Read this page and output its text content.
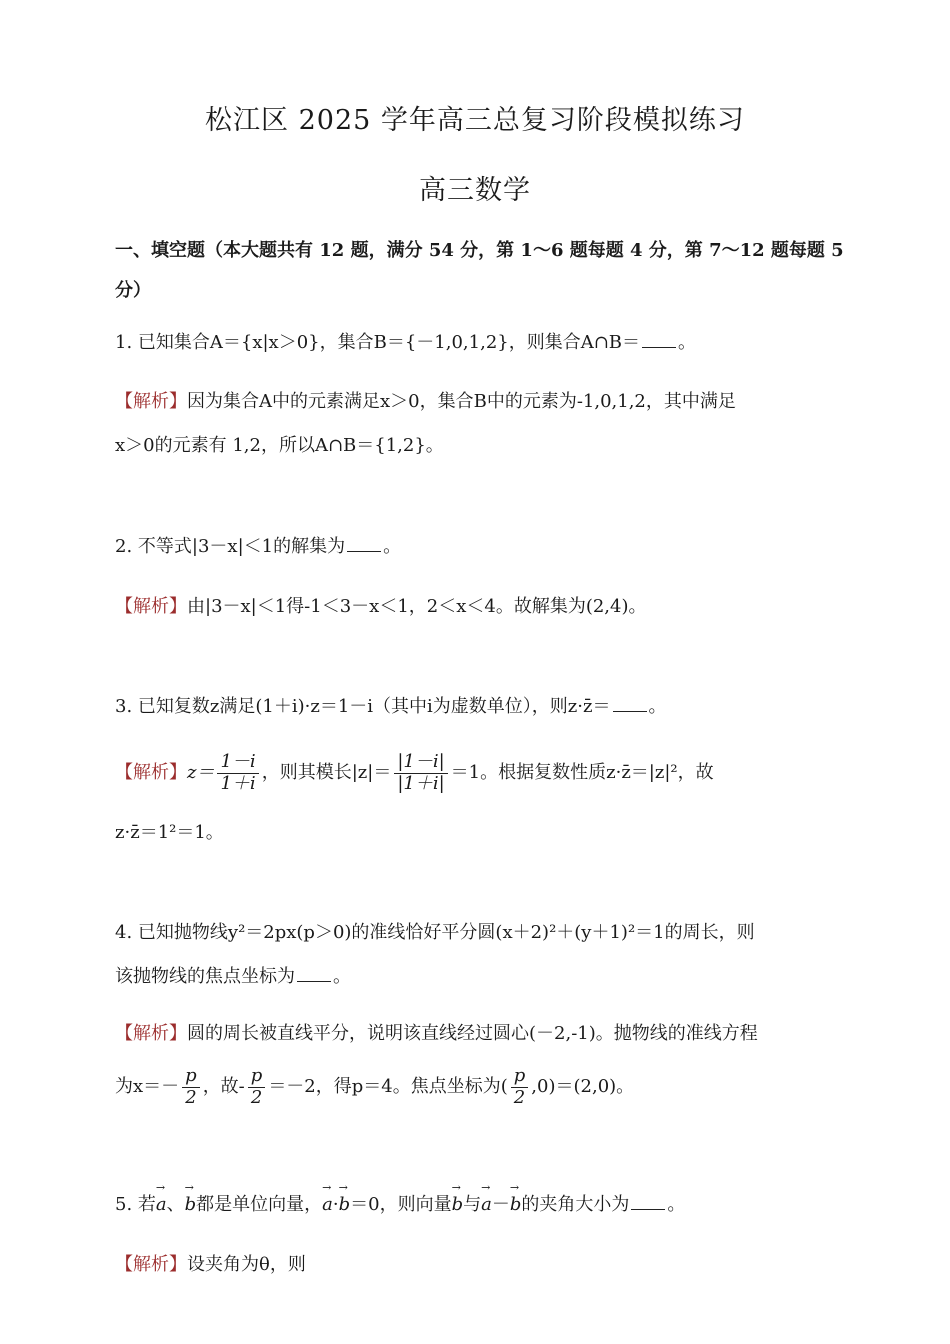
松江区 2025 学年高三总复习阶段模拟练习
高三数学
一、填空题（本大题共有 12 题，满分 54 分，第 1～6 题每题 4 分，第 7～12 题每题 5
分）
1. 已知集合A＝{x|x＞0}，集合B＝{－1,0,1,2}，则集合A∩B＝ 。
【解析】因为集合A中的元素满足x＞0，集合B中的元素为-1,0,1,2，其中满足
x＞0的元素有 1,2，所以A∩B＝{1,2}。
2. 不等式|3－x|＜1的解集为 。
【解析】由|3－x|＜1得-1＜3－x＜1，2＜x＜4。故解集为(2,4)。
3. 已知复数z满足(1＋i)·z＝1－i（其中i为虚数单位），则z·z̄＝ 。
【解析】$z= \frac{1-i}{1+i}$ ，则其模长$|z|= \frac{|1-i|}{|1+i|} =1$。根据复数性质z·z̄＝|z|²，故
z·z̄＝1²＝1。
4. 已知抛物线y²＝2px(p＞0)的准线恰好平分圆(x＋2)²＋(y＋1)²＝1的周长，则
该抛物线的焦点坐标为 。
【解析】圆的周长被直线平分，说明该直线经过圆心(－2,-1)。抛物线的准线方程
为$x=- \frac{p}{2}$ ，故- $\frac{p}{2} =-2$，得p＝4。焦点坐标为( $\frac{p}{2} ,0)=(2,0)$。
5. 若→ a、→ b都是单位向量，→ a·→ b＝0，则向量→ b与→ a－→ b的夹角大小为 。
【解析】设夹角为θ，则
